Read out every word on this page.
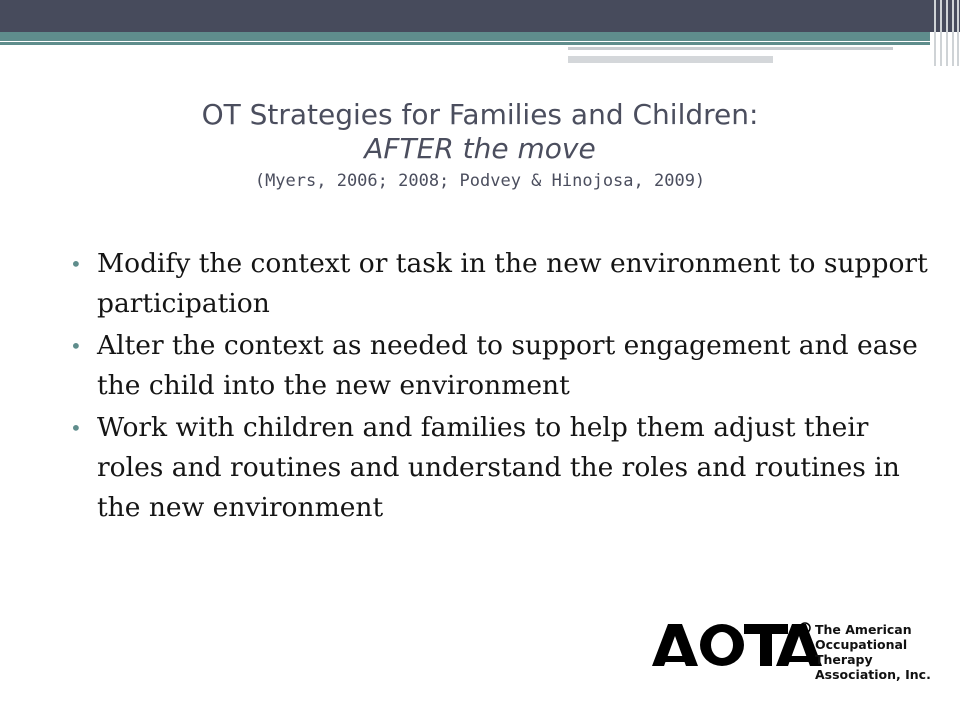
OT Strategies for Families and Children:
AFTER the move
(Myers, 2006; 2008; Podvey & Hinojosa, 2009)
• Modify the context or task in the new environment to support participation
• Alter the context as needed to support engagement and ease the child into the new environment
• Work with children and families to help them adjust their roles and routines and understand the roles and routines in the new environment
R The American
Occupational Therapy
Association, Inc.
